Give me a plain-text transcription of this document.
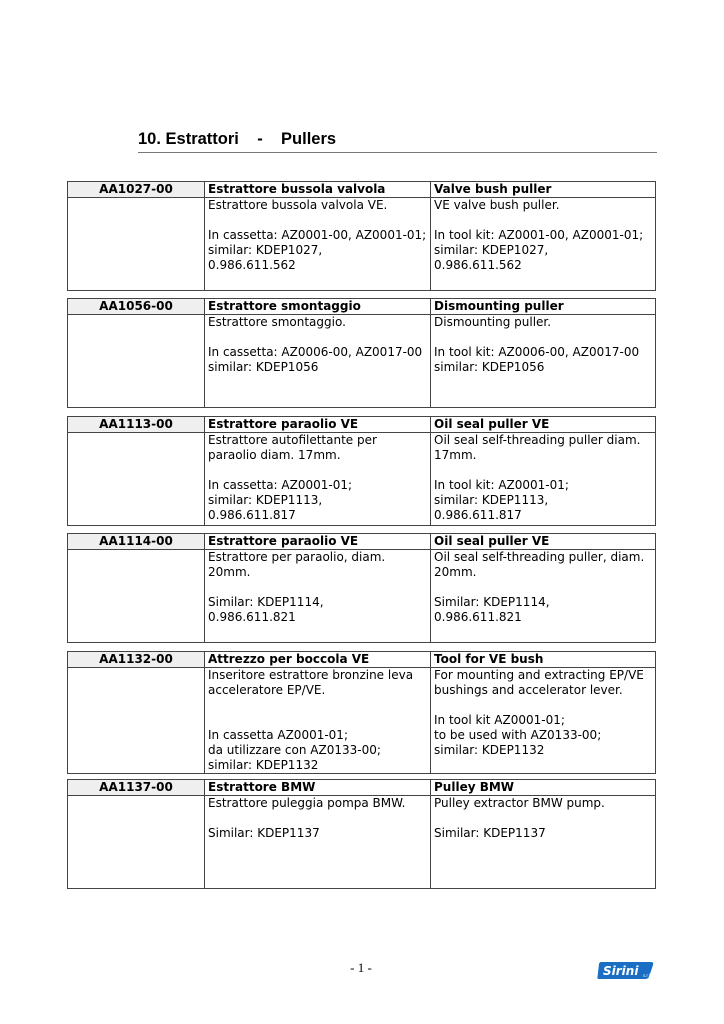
10. Estrattori    -    Pullers
AA1027-00	Estrattore bussola valvola	Valve bush puller

	Estrattore bussola valvola VE.

In cassetta: AZ0001-00, AZ0001-01;
similar: KDEP1027,
0.986.611.562	VE valve bush puller.

In tool kit: AZ0001-00, AZ0001-01;
similar: KDEP1027,
0.986.611.562
AA1056-00	Estrattore smontaggio	Dismounting puller

	Estrattore smontaggio.

In cassetta: AZ0006-00, AZ0017-00
similar: KDEP1056	Dismounting puller.

In tool kit: AZ0006-00, AZ0017-00
similar: KDEP1056
AA1113-00	Estrattore paraolio VE	Oil seal puller VE

	Estrattore autofilettante per paraolio diam. 17mm.

In cassetta: AZ0001-01;
similar: KDEP1113,
0.986.611.817	Oil seal self-threading puller diam. 17mm.

In tool kit: AZ0001-01;
similar: KDEP1113,
0.986.611.817
AA1114-00	Estrattore paraolio VE	Oil seal puller VE

	Estrattore per paraolio, diam. 20mm.

Similar: KDEP1114,
0.986.611.821	Oil seal self-threading puller, diam. 20mm.

Similar: KDEP1114,
0.986.611.821
AA1132-00	Attrezzo per boccola VE	Tool for VE bush

	Inseritore estrattore bronzine leva acceleratore EP/VE.

In cassetta AZ0001-01;
da utilizzare con AZ0133-00;
similar: KDEP1132	For mounting and extracting EP/VE bushings and accelerator lever.

In tool kit AZ0001-01;
to be used with AZ0133-00;
similar: KDEP1132
AA1137-00	Estrattore BMW	Pulley BMW

	Estrattore puleggia pompa BMW.

Similar: KDEP1137	Pulley extractor BMW pump.

Similar: KDEP1137
- 1 -	Sirini s.r.l.
